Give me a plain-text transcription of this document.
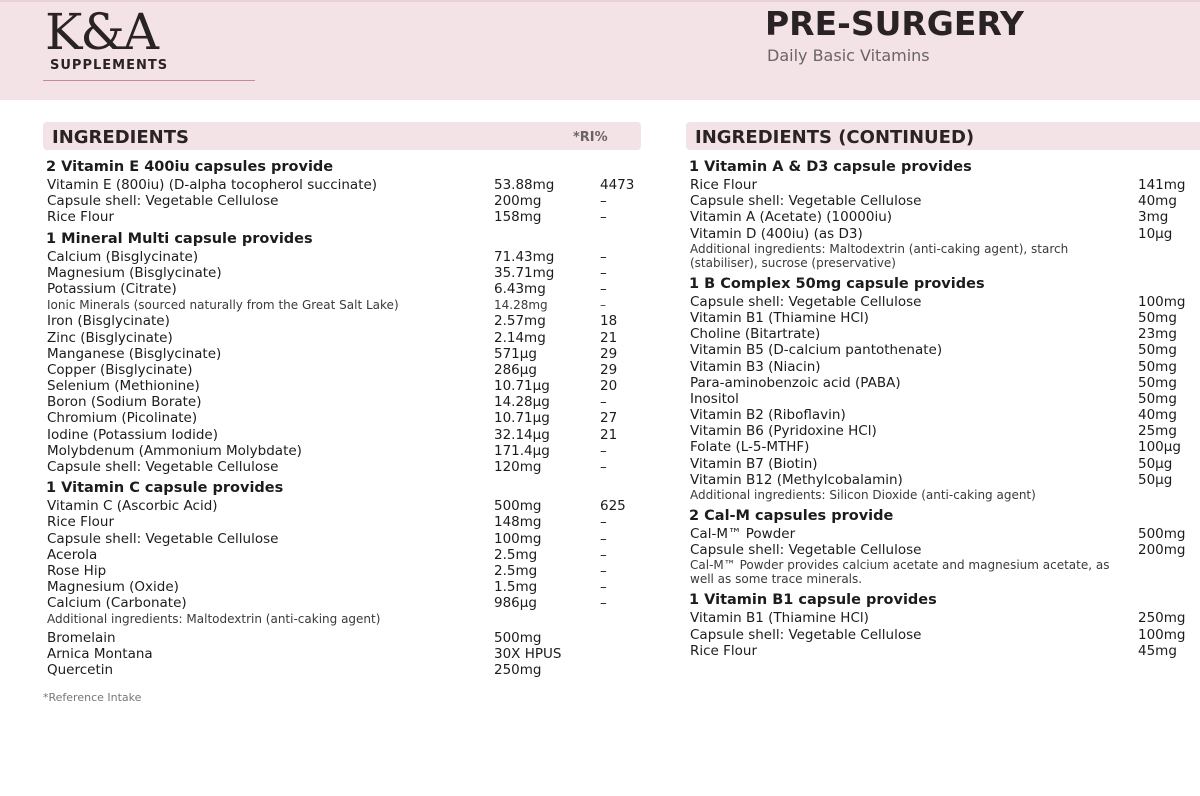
K&A
SUPPLEMENTS
PRE-SURGERY
Daily Basic Vitamins
INGREDIENTS	*RI%
2 Vitamin E 400iu capsules provide
Vitamin E (800iu) (D-alpha tocopherol succinate)	53.88mg	4473
Capsule shell: Vegetable Cellulose	200mg	–
Rice Flour	158mg	–
1 Mineral Multi capsule provides
Calcium (Bisglycinate)	71.43mg	–
Magnesium (Bisglycinate)	35.71mg	–
Potassium (Citrate)	6.43mg	–
Ionic Minerals (sourced naturally from the Great Salt Lake)	14.28mg	–
Iron (Bisglycinate)	2.57mg	18
Zinc (Bisglycinate)	2.14mg	21
Manganese (Bisglycinate)	571µg	29
Copper (Bisglycinate)	286µg	29
Selenium (Methionine)	10.71µg	20
Boron (Sodium Borate)	14.28µg	–
Chromium (Picolinate)	10.71µg	27
Iodine (Potassium Iodide)	32.14µg	21
Molybdenum (Ammonium Molybdate)	171.4µg	–
Capsule shell: Vegetable Cellulose	120mg	–
1 Vitamin C capsule provides
Vitamin C (Ascorbic Acid)	500mg	625
Rice Flour	148mg	–
Capsule shell: Vegetable Cellulose	100mg	–
Acerola	2.5mg	–
Rose Hip	2.5mg	–
Magnesium (Oxide)	1.5mg	–
Calcium (Carbonate)	986µg	–
Additional ingredients: Maltodextrin (anti-caking agent)
Bromelain	500mg
Arnica Montana	30X HPUS
Quercetin	250mg
INGREDIENTS (CONTINUED)
1 Vitamin A & D3 capsule provides
Rice Flour	141mg
Capsule shell: Vegetable Cellulose	40mg
Vitamin A (Acetate) (10000iu)	3mg
Vitamin D (400iu) (as D3)	10µg
Additional ingredients: Maltodextrin (anti-caking agent), starch (stabiliser), sucrose (preservative)
1 B Complex 50mg capsule provides
Capsule shell: Vegetable Cellulose	100mg
Vitamin B1 (Thiamine HCl)	50mg
Choline (Bitartrate)	23mg
Vitamin B5 (D-calcium pantothenate)	50mg
Vitamin B3 (Niacin)	50mg
Para-aminobenzoic acid (PABA)	50mg
Inositol	50mg
Vitamin B2 (Riboflavin)	40mg
Vitamin B6 (Pyridoxine HCl)	25mg
Folate (L-5-MTHF)	100µg
Vitamin B7 (Biotin)	50µg
Vitamin B12 (Methylcobalamin)	50µg
Additional ingredients: Silicon Dioxide (anti-caking agent)
2 Cal-M capsules provide
Cal-M™ Powder	500mg
Capsule shell: Vegetable Cellulose	200mg
Cal-M™ Powder provides calcium acetate and magnesium acetate, as well as some trace minerals.
1 Vitamin B1 capsule provides
Vitamin B1 (Thiamine HCl)	250mg
Capsule shell: Vegetable Cellulose	100mg
Rice Flour	45mg
*Reference Intake
